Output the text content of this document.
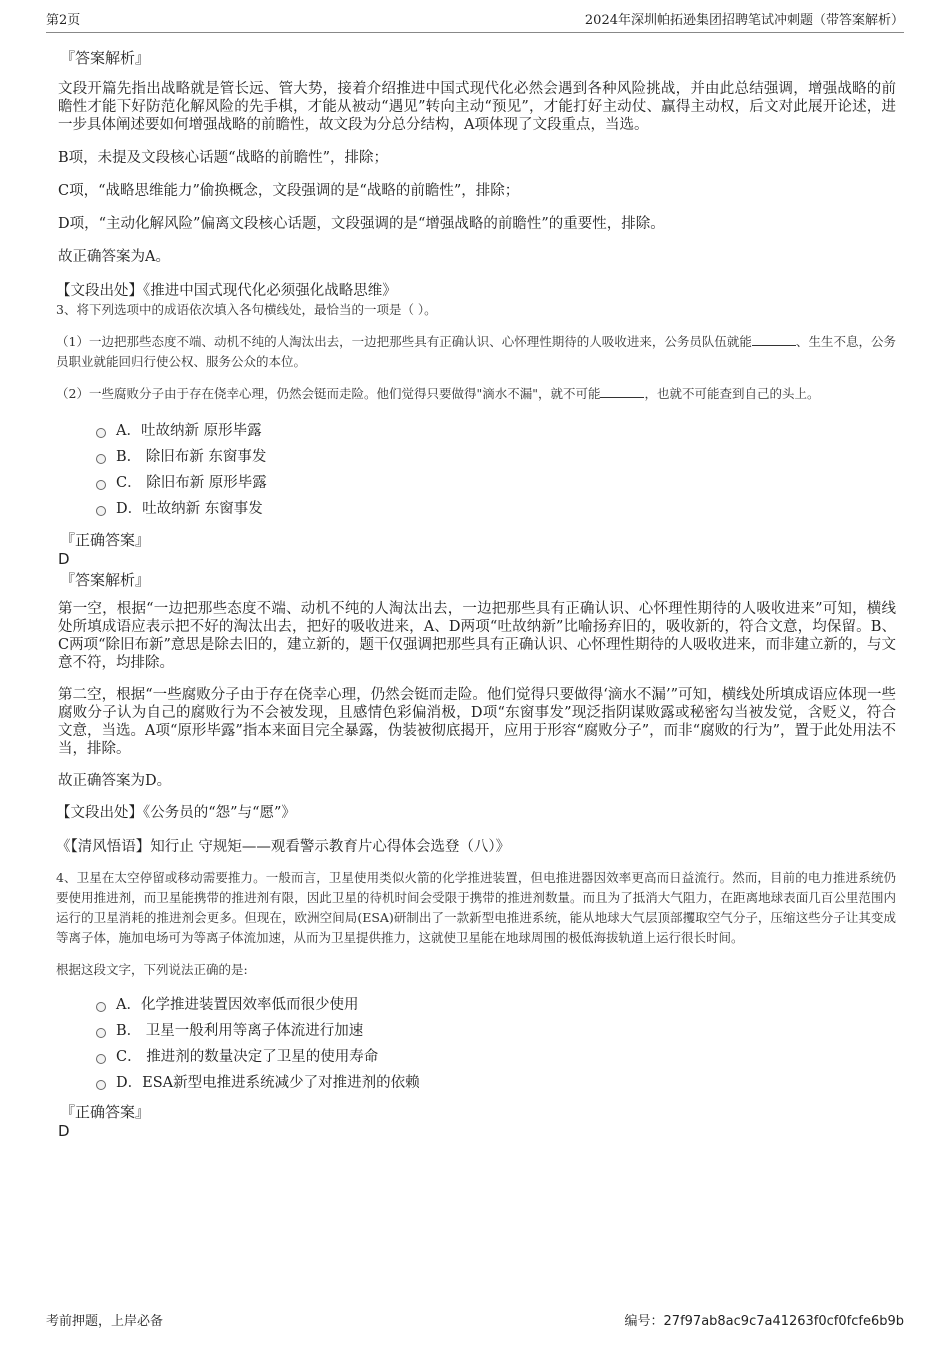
第2页	2024年深圳帕拓逊集团招聘笔试冲刺题（带答案解析）

『答案解析』

文段开篇先指出战略就是管长远、管大势，接着介绍推进中国式现代化必然会遇到各种风险挑战，并由此总结强调，增强战略的前瞻性才能下好防范化解风险的先手棋，才能从被动“遇见”转向主动“预见”，才能打好主动仗、赢得主动权，后文对此展开论述，进一步具体阐述要如何增强战略的前瞻性，故文段为分总分结构，A项体现了文段重点，当选。

B项，未提及文段核心话题“战略的前瞻性”，排除；

C项，“战略思维能力”偷换概念，文段强调的是“战略的前瞻性”，排除；

D项，“主动化解风险”偏离文段核心话题，文段强调的是“增强战略的前瞻性”的重要性，排除。

故正确答案为A。

【文段出处】《推进中国式现代化必须强化战略思维》

3、将下列选项中的成语依次填入各句横线处，最恰当的一项是（ ）。

（1）一边把那些态度不端、动机不纯的人淘汰出去，一边把那些具有正确认识、心怀理性期待的人吸收进来，公务员队伍就能	、生生不息，公务员职业就能回归行使公权、服务公众的本位。

（2）一些腐败分子由于存在侥幸心理，仍然会铤而走险。他们觉得只要做得"滴水不漏"，就不可能	，也就不可能查到自己的头上。

A．吐故纳新 原形毕露
B． 除旧布新 东窗事发
C． 除旧布新 原形毕露
D．吐故纳新 东窗事发

『正确答案』

D

『答案解析』

第一空，根据“一边把那些态度不端、动机不纯的人淘汰出去，一边把那些具有正确认识、心怀理性期待的人吸收进来”可知，横线处所填成语应表示把不好的淘汰出去，把好的吸收进来，A、D两项“吐故纳新”比喻扬弃旧的，吸收新的，符合文意，均保留。B、C两项“除旧布新”意思是除去旧的，建立新的，题干仅强调把那些具有正确认识、心怀理性期待的人吸收进来，而非建立新的，与文意不符，均排除。

第二空，根据“一些腐败分子由于存在侥幸心理，仍然会铤而走险。他们觉得只要做得‘滴水不漏’”可知，横线处所填成语应体现一些腐败分子认为自己的腐败行为不会被发现，且感情色彩偏消极，D项“东窗事发”现泛指阴谋败露或秘密勾当被发觉，含贬义，符合文意，当选。A项“原形毕露”指本来面目完全暴露，伪装被彻底揭开，应用于形容“腐败分子”，而非“腐败的行为”，置于此处用法不当，排除。

故正确答案为D。

【文段出处】《公务员的“怨”与“愿”》

《【清风悟语】知行止 守规矩——观看警示教育片心得体会选登（八）》

4、卫星在太空停留或移动需要推力。一般而言，卫星使用类似火箭的化学推进装置，但电推进器因效率更高而日益流行。然而，目前的电力推进系统仍要使用推进剂，而卫星能携带的推进剂有限，因此卫星的待机时间会受限于携带的推进剂数量。而且为了抵消大气阻力，在距离地球表面几百公里范围内运行的卫星消耗的推进剂会更多。但现在，欧洲空间局(ESA)研制出了一款新型电推进系统，能从地球大气层顶部攫取空气分子，压缩这些分子让其变成等离子体，施加电场可为等离子体流加速，从而为卫星提供推力，这就使卫星能在地球周围的极低海拔轨道上运行很长时间。

根据这段文字，下列说法正确的是:

A．化学推进装置因效率低而很少使用
B． 卫星一般利用等离子体流进行加速
C． 推进剂的数量决定了卫星的使用寿命
D．ESA新型电推进系统减少了对推进剂的依赖

『正确答案』

D

考前押题，上岸必备	编号：27f97ab8ac9c7a41263f0cf0fcfe6b9b
